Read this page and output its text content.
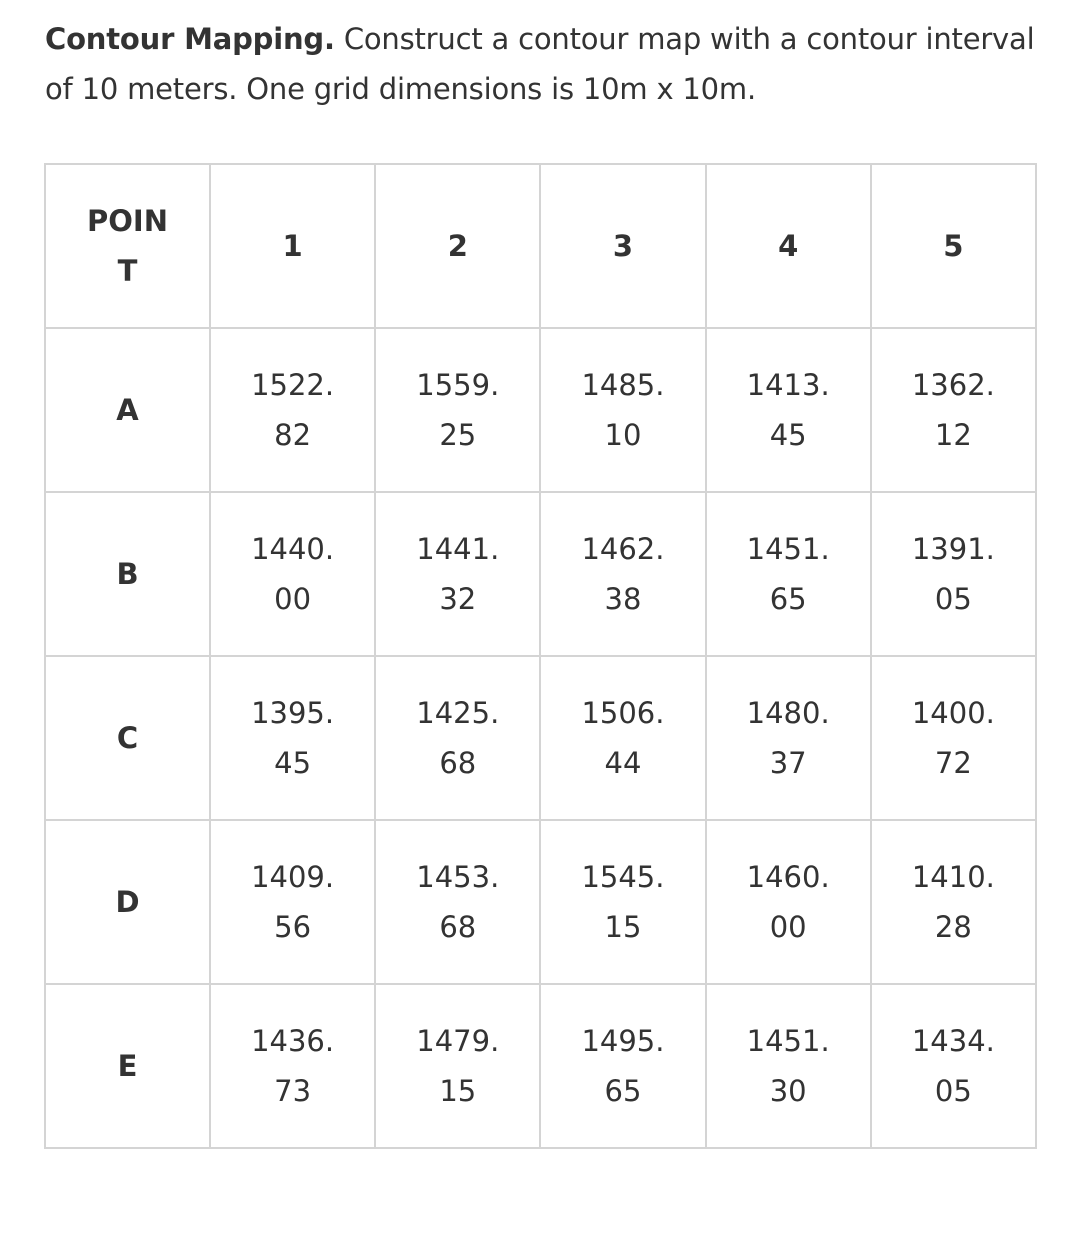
Contour Mapping. Construct a contour map with a contour interval of 10 meters. One grid dimensions is 10m x 10m.

POINT	1	2	3	4	5
A	1522.82	1559.25	1485.10	1413.45	1362.12
B	1440.00	1441.32	1462.38	1451.65	1391.05
C	1395.45	1425.68	1506.44	1480.37	1400.72
D	1409.56	1453.68	1545.15	1460.00	1410.28
E	1436.73	1479.15	1495.65	1451.30	1434.05
